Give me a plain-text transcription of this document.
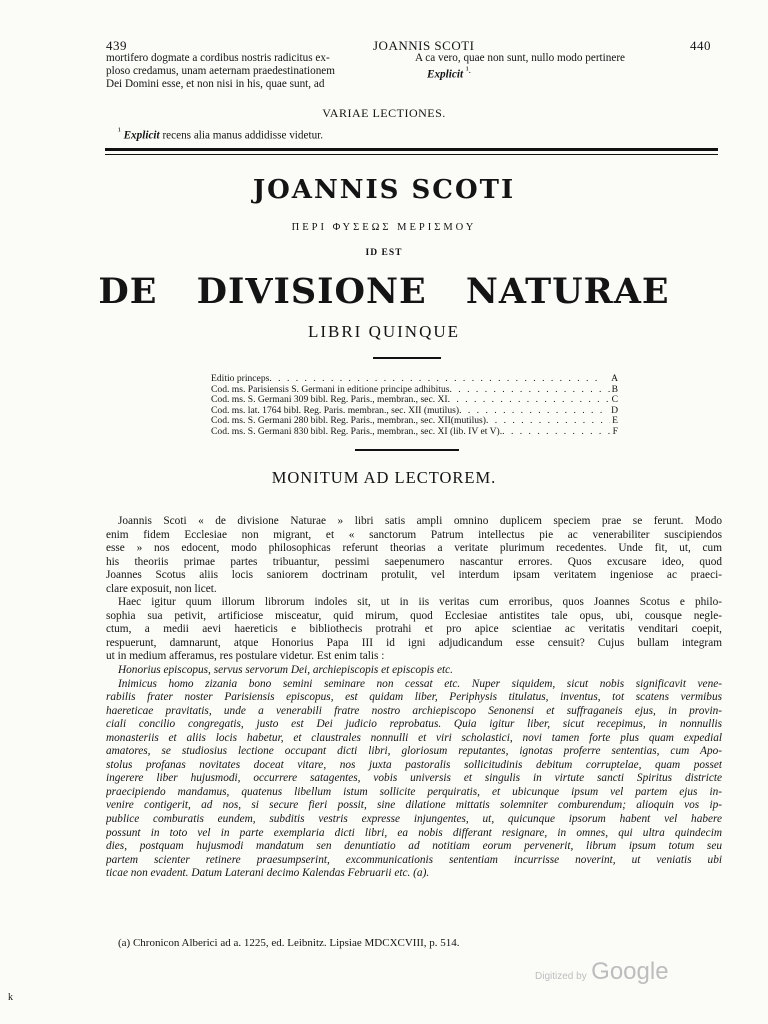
439	JOANNIS SCOTI	440
mortifero dogmate a cordibus nostris radicitus ex-
ploso credamus, unam aeternam praedestinationem
Dei Domini esse, et non nisi in his, quae sunt, ad
A ca vero, quae non sunt, nullo modo pertinere
Explicit $^{^1.}$
VARIAE LECTIONES.
$^{^1}$ Explicit recens alia manus addidisse videtur.
JOANNIS SCOTI
ΠΕΡΙ ΦΥΣΕΩΣ ΜΕΡΙΣΜΟΥ
ID EST
DE DIVISIONE NATURAE
LIBRI QUINQUE
Editio princeps . . .	A
Cod. ms. Parisiensis S. Germani in editione principe adhibitus . . .	B
Cod. ms. S. Germani 309 bibl. Reg. Paris., membran., sec. XI . . .	C
Cod. ms. lat. 1764 bibl. Reg. Paris. membran., sec. XII (mutilus) . . .	D
Cod. ms. S. Germani 280 bibl. Reg. Paris., membran., sec. XII(mutilus) . . .	E
Cod. ms. S. Germani 830 bibl. Reg. Paris., membran., sec. XI (lib. IV et V). . . .	F
MONITUM AD LECTOREM.
Joannis Scoti « de divisione Naturae » libri satis ampli omnino duplicem speciem prae se ferunt. Modo
enim fidem Ecclesiae non migrant, et « sanctorum Patrum intellectus pie ac venerabiliter suscipiendos
esse » nos edocent, modo philosophicas referunt theorias a veritate plurimum recedentes. Unde fit, ut, cum
his theoriis primae partes tribuantur, pessimi saepenumero nascantur errores. Quos excusare ideo, quod
Joannes Scotus aliis locis saniorem doctrinam protulit, vel interdum ipsam veritatem ingeniose ac praeci-
clare exposuit, non licet.
Haec igitur quum illorum librorum indoles sit, ut in iis veritas cum erroribus, quos Joannes Scotus e philo-
sophia sua petivit, artificiose misceatur, quid mirum, quod Ecclesiae antistites tale opus, ubi, cousque negle-
ctum, a medii aevi haereticis e bibliothecis protrahi et pro apice scientiae ac veritatis venditari coepit,
respuerunt, damnarunt, atque Honorius Papa III id igni adjudicandum esse censuit? Cujus bullam integram
ut in medium afferamus, res postulare videtur. Est enim talis :
Honorius episcopus, servus servorum Dei, archiepiscopis et episcopis etc.
Inimicus homo zizania bono semini seminare non cessat etc. Nuper siquidem, sicut nobis significavit vene-
rabilis frater noster Parisiensis episcopus, est quidam liber, Periphysis titulatus, inventus, tot scatens vermibus
haereticae pravitatis, unde a venerabili fratre nostro archiepiscopo Senonensi et suffraganeis ejus, in provin-
ciali concilio congregatis, justo est Dei judicio reprobatus. Quia igitur liber, sicut recepimus, in nonnullis
monasteriis et aliis locis habetur, et claustrales nonnulli et viri scholastici, novi tamen forte plus quam expedial
amatores, se studiosius lectione occupant dicti libri, gloriosum reputantes, ignotas proferre sententias, cum Apo-
stolus profanas novitates doceat vitare, nos juxta pastoralis sollicitudinis debitum corruptelae, quam posset
ingerere liber hujusmodi, occurrere satagentes, vobis universis et singulis in virtute sancti Spiritus districte
praecipiendo mandamus, quatenus libellum istum sollicite perquiratis, et ubicunque ipsum vel partem ejus in-
venire contigerit, ad nos, si secure fieri possit, sine dilatione mittatis solemniter comburendum; alioquin vos ip-
publice comburatis eundem, subditis vestris expresse injungentes, ut, quicunque ipsorum habent vel habere
possunt in toto vel in parte exemplaria dicti libri, ea nobis differant resignare, in omnes, qui ultra quindecim
dies, postquam hujusmodi mandatum sen denuntiatio ad notitiam eorum pervenerit, librum ipsum totum seu
partem scienter retinere praesumpserint, excommunicationis sententiam incurrisse noverint, ut veniatis ubi
ticae non evadent. Datum Laterani decimo Kalendas Februarii etc. (a).
(a) Chronicon Alberici ad a. 1225, ed. Leibnitz. Lipsiae MDCXCVIII, p. 514.
Digitized by Google
k
